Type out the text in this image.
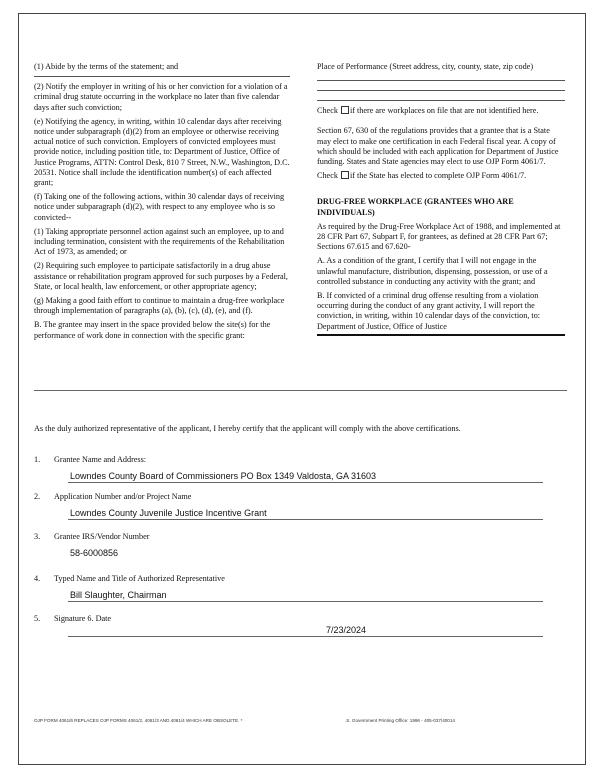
(1) Abide by the terms of the statement; and

(2) Notify the employer in writing of his or her conviction for a violation of a criminal drug statute occurring in the workplace no later than five calendar days after such conviction;

(e) Notifying the agency, in writing, within 10 calendar days after receiving notice under subparagraph (d)(2) from an employee or otherwise receiving actual notice of such conviction. Employers of convicted employees must provide notice, including position title, to: Department of Justice, Office of Justice Programs, ATTN: Control Desk, 810 7 Street, N.W., Washington, D.C. 20531. Notice shall include the identification number(s) of each affected grant;

(f) Taking one of the following actions, within 30 calendar days of receiving notice under subparagraph (d)(2), with respect to any employee who is so convicted--

(1) Taking appropriate personnel action against such an employee, up to and including termination, consistent with the requirements of the Rehabilitation Act of 1973, as amended; or

(2) Requiring such employee to participate satisfactorily in a drug abuse assistance or rehabilitation program approved for such purposes by a Federal, State, or local health, law enforcement, or other appropriate agency;

(g) Making a good faith effort to continue to maintain a drug-free workplace through implementation of paragraphs (a), (b), (c), (d), (e), and (f).

B. The grantee may insert in the space provided below the site(s) for the performance of work done in connection with the specific grant:

Place of Performance (Street address, city, county, state, zip code)

Check if there are workplaces on file that are not identified here.

Section 67, 630 of the regulations provides that a grantee that is a State may elect to make one certification in each Federal fiscal year. A copy of which should be included with each application for Department of Justice funding. States and State agencies may elect to use OJP Form 4061/7.

Check if the State has elected to complete OJP Form 4061/7.

DRUG-FREE WORKPLACE (GRANTEES WHO ARE INDIVIDUALS)

As required by the Drug-Free Workplace Act of 1988, and implemented at 28 CFR Part 67, Subpart F, for grantees, as defined at 28 CFR Part 67; Sections 67.615 and 67.620-

A. As a condition of the grant, I certify that I will not engage in the unlawful manufacture, distribution, dispensing, possession, or use of a controlled substance in conducting any activity with the grant; and

B. If convicted of a criminal drug offense resulting from a violation occurring during the conduct of any grant activity, I will report the conviction, in writing, within 10 calendar days of the conviction, to: Department of Justice, Office of Justice

As the duly authorized representative of the applicant, I hereby certify that the applicant will comply with the above certifications.
1. Grantee Name and Address:
Lowndes County Board of Commissioners PO Box 1349 Valdosta, GA 31603
2. Application Number and/or Project Name
Lowndes County Juvenile Justice Incentive Grant
3. Grantee IRS/Vendor Number
58-6000856
4. Typed Name and Title of Authorized Representative
Bill Slaughter, Chairman
5. Signature 6. Date
7/23/2024
OJP FORM 4061/6 REPLACES OJP FORMS 4061/2, 4061/3 AND 4061/4 WHICH ARE OBSOLETE. *	.S. Government Printing Office: 1996 - 405-037/40014
